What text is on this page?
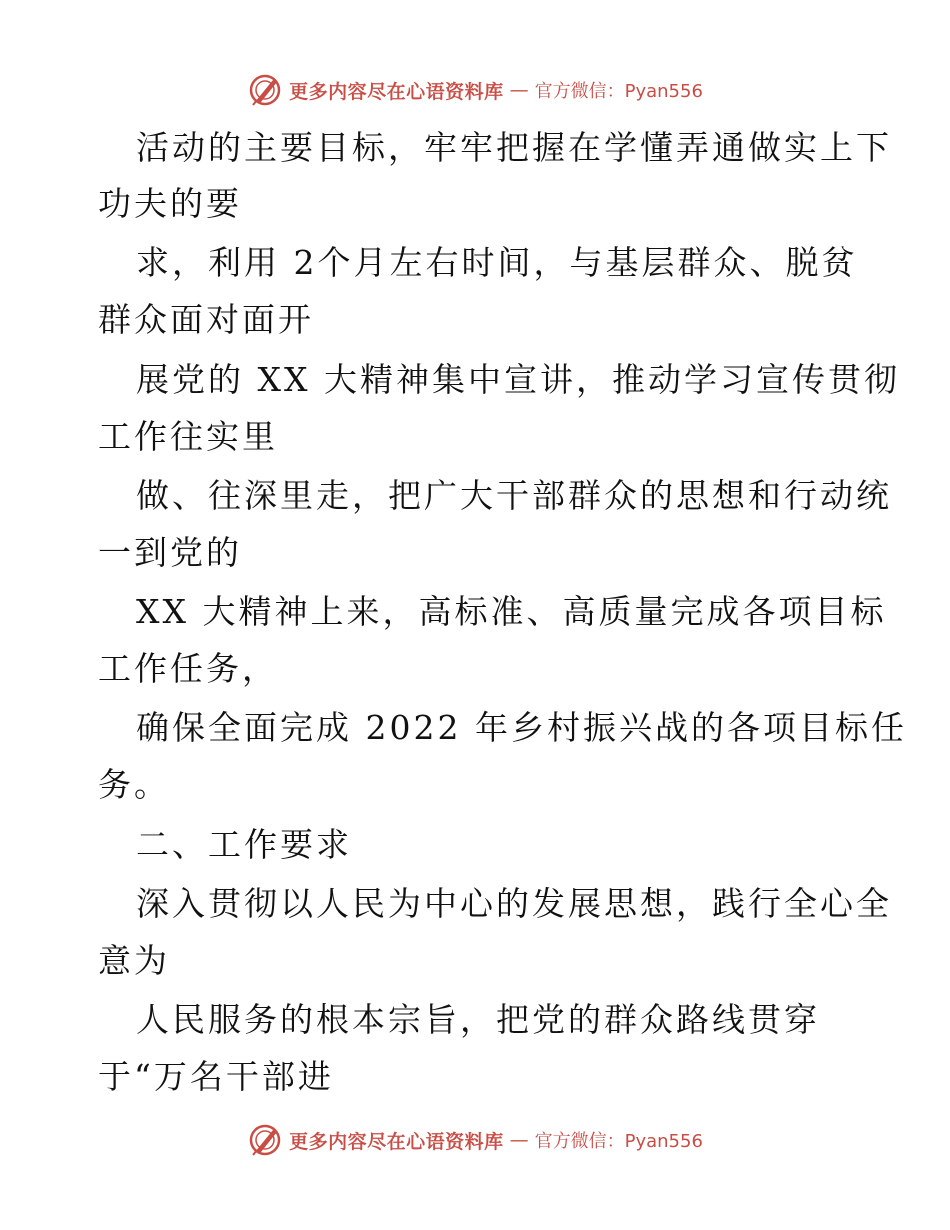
更多内容尽在心语资料库 — 官方微信：Pyan556
活动的主要目标，牢牢把握在学懂弄通做实上下
功夫的要
求，利用 2个月左右时间，与基层群众、脱贫
群众面对面开
展党的 XX 大精神集中宣讲，推动学习宣传贯彻
工作往实里
做、往深里走，把广大干部群众的思想和行动统
一到党的
XX 大精神上来，高标准、高质量完成各项目标
工作任务，
确保全面完成 2022 年乡村振兴战的各项目标任
务。
二、工作要求
深入贯彻以人民为中心的发展思想，践行全心全
意为
人民服务的根本宗旨，把党的群众路线贯穿
于“万名干部进
更多内容尽在心语资料库 — 官方微信：Pyan556
